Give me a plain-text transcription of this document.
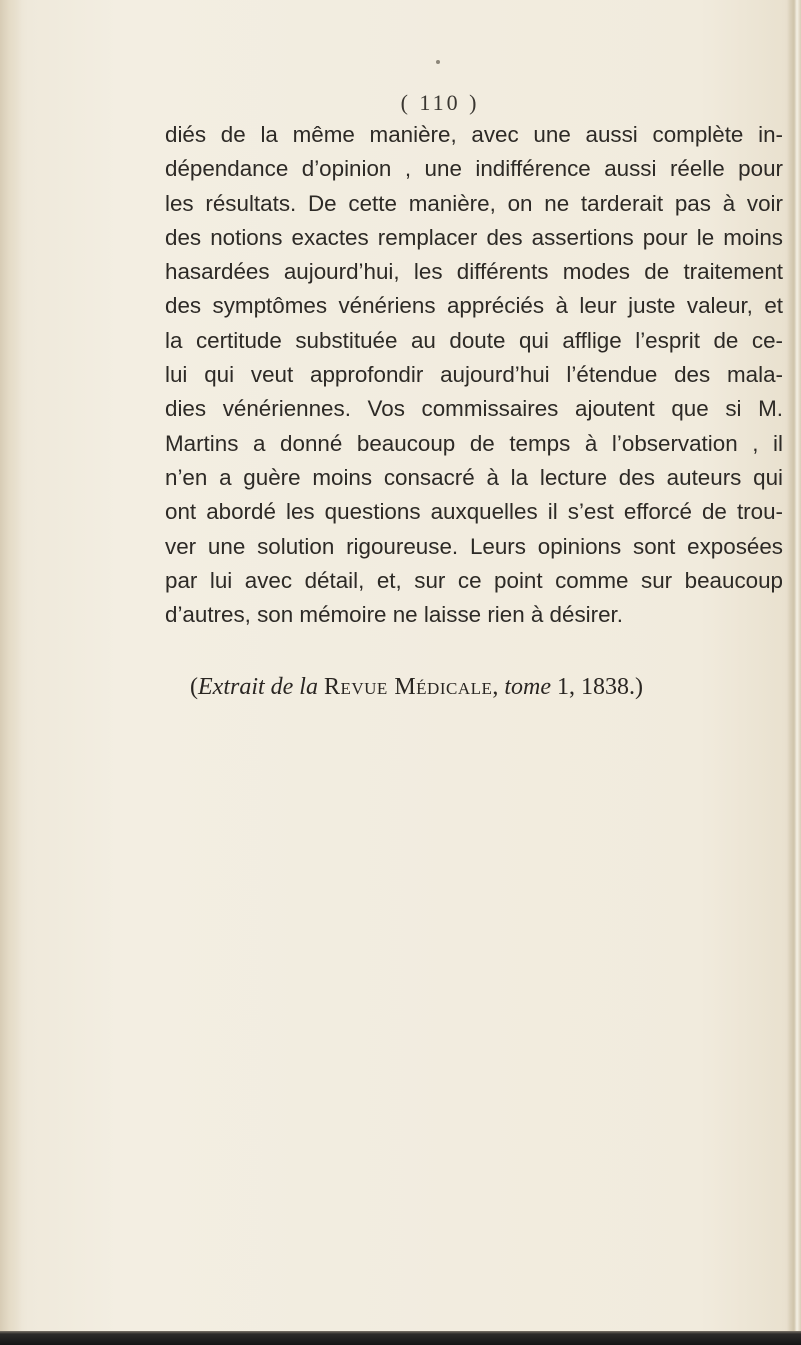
( 110 )
diés de la même manière, avec une aussi complète in-
dépendance d’opinion , une indifférence aussi réelle pour
les résultats. De cette manière, on ne tarderait pas à voir
des notions exactes remplacer des assertions pour le moins
hasardées aujourd’hui, les différents modes de traitement
des symptômes vénériens appréciés à leur juste valeur, et
la certitude substituée au doute qui afflige l’esprit de ce-
lui qui veut approfondir aujourd’hui l’étendue des mala-
dies vénériennes. Vos commissaires ajoutent que si M.
Martins a donné beaucoup de temps à l’observation , il
n’en a guère moins consacré à la lecture des auteurs qui
ont abordé les questions auxquelles il s’est efforcé de trou-
ver une solution rigoureuse. Leurs opinions sont exposées
par lui avec détail, et, sur ce point comme sur beaucoup
d’autres, son mémoire ne laisse rien à désirer.
(Extrait de la Revue Médicale, tome 1, 1838.)
